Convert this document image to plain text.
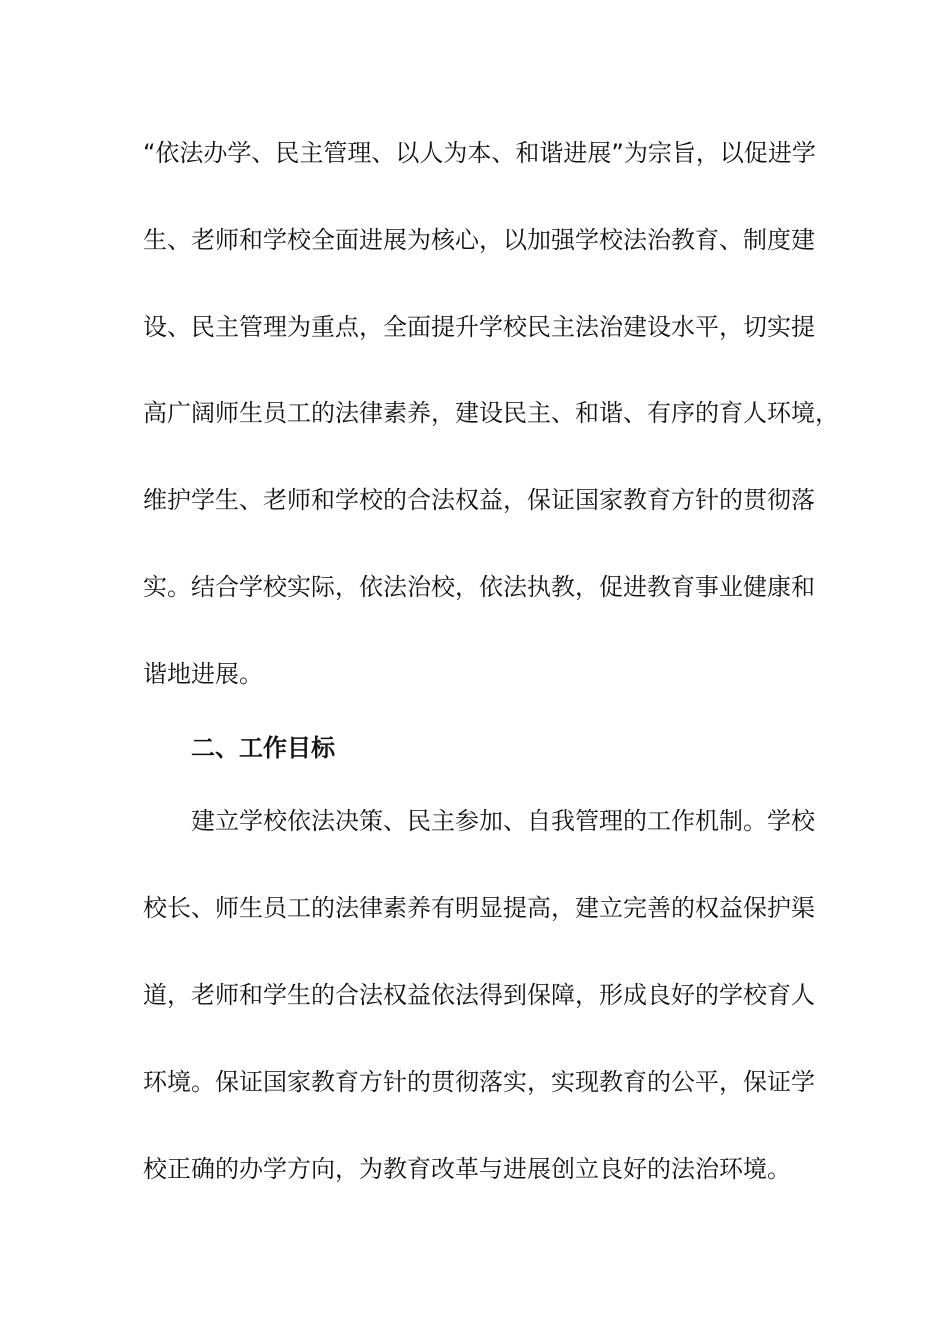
“依法办学、民主管理、以人为本、和谐进展”为宗旨，以促进学
生、老师和学校全面进展为核心，以加强学校法治教育、制度建
设、民主管理为重点，全面提升学校民主法治建设水平，切实提
高广阔师生员工的法律素养，建设民主、和谐、有序的育人环境，
维护学生、老师和学校的合法权益，保证国家教育方针的贯彻落
实。结合学校实际，依法治校，依法执教，促进教育事业健康和
谐地进展。
二、工作目标
建立学校依法决策、民主参加、自我管理的工作机制。学校
校长、师生员工的法律素养有明显提高，建立完善的权益保护渠
道，老师和学生的合法权益依法得到保障，形成良好的学校育人
环境。保证国家教育方针的贯彻落实，实现教育的公平，保证学
校正确的办学方向，为教育改革与进展创立良好的法治环境。
